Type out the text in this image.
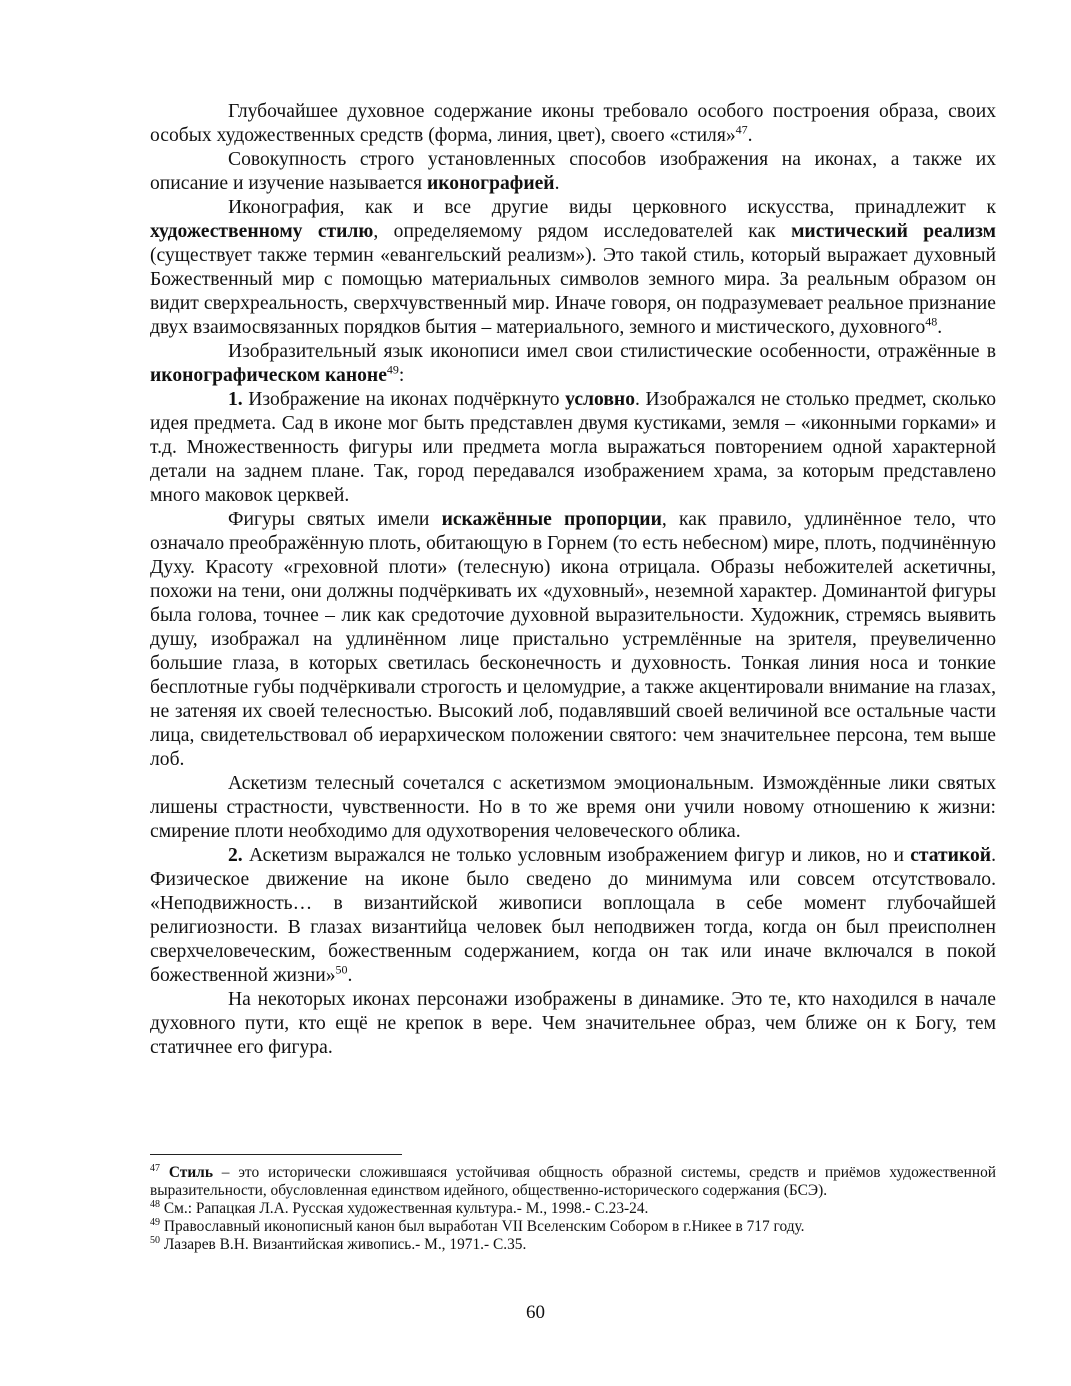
Глубочайшее духовное содержание иконы требовало особого построения образа, своих особых художественных средств (форма, линия, цвет), своего «стиля»$^{47}$.

Совокупность строго установленных способов изображения на иконах, а также их описание и изучение называется иконографией.

Иконография, как и все другие виды церковного искусства, принадлежит к художественному стилю, определяемому рядом исследователей как мистический реализм (существует также термин «евангельский реализм»). Это такой стиль, который выражает духовный Божественный мир с помощью материальных символов земного мира. За реальным образом он видит сверхреальность, сверхчувственный мир. Иначе говоря, он подразумевает реальное признание двух взаимосвязанных порядков бытия – материального, земного и мистического, духовного$^{48}$.

Изобразительный язык иконописи имел свои стилистические особенности, отражённые в иконографическом каноне$^{49}$:

1. Изображение на иконах подчёркнуто условно. Изображался не столько предмет, сколько идея предмета. Сад в иконе мог быть представлен двумя кустиками, земля – «иконными горками» и т.д. Множественность фигуры или предмета могла выражаться повторением одной характерной детали на заднем плане. Так, город передавался изображением храма, за которым представлено много маковок церквей.

Фигуры святых имели искажённые пропорции, как правило, удлинённое тело, что означало преображённую плоть, обитающую в Горнем (то есть небесном) мире, плоть, подчинённую Духу. Красоту «греховной плоти» (телесную) икона отрицала. Образы небожителей аскетичны, похожи на тени, они должны подчёркивать их «духовный», неземной характер. Доминантой фигуры была голова, точнее – лик как средоточие духовной выразительности. Художник, стремясь выявить душу, изображал на удлинённом лице пристально устремлённые на зрителя, преувеличенно большие глаза, в которых светилась бесконечность и духовность. Тонкая линия носа и тонкие бесплотные губы подчёркивали строгость и целомудрие, а также акцентировали внимание на глазах, не затеняя их своей телесностью. Высокий лоб, подавлявший своей величиной все остальные части лица, свидетельствовал об иерархическом положении святого: чем значительнее персона, тем выше лоб.

Аскетизм телесный сочетался с аскетизмом эмоциональным. Измождённые лики святых лишены страстности, чувственности. Но в то же время они учили новому отношению к жизни: смирение плоти необходимо для одухотворения человеческого облика.

2. Аскетизм выражался не только условным изображением фигур и ликов, но и статикой. Физическое движение на иконе было сведено до минимума или совсем отсутствовало. «Неподвижность… в византийской живописи воплощала в себе момент глубочайшей религиозности. В глазах византийца человек был неподвижен тогда, когда он был преисполнен сверхчеловеческим, божественным содержанием, когда он так или иначе включался в покой божественной жизни»$^{50}$.

На некоторых иконах персонажи изображены в динамике. Это те, кто находился в начале духовного пути, кто ещё не крепок в вере. Чем значительнее образ, чем ближе он к Богу, тем статичнее его фигура.

$^{47}$ Стиль – это исторически сложившаяся устойчивая общность образной системы, средств и приёмов художественной выразительности, обусловленная единством идейного, общественно-исторического содержания (БСЭ).

$^{48}$ См.: Рапацкая Л.А. Русская художественная культура.- М., 1998.- С.23-24.

$^{49}$ Православный иконописный канон был выработан VII Вселенским Собором в г.Никее в 717 году.

$^{50}$ Лазарев В.Н. Византийская живопись.- М., 1971.- С.35.

60
